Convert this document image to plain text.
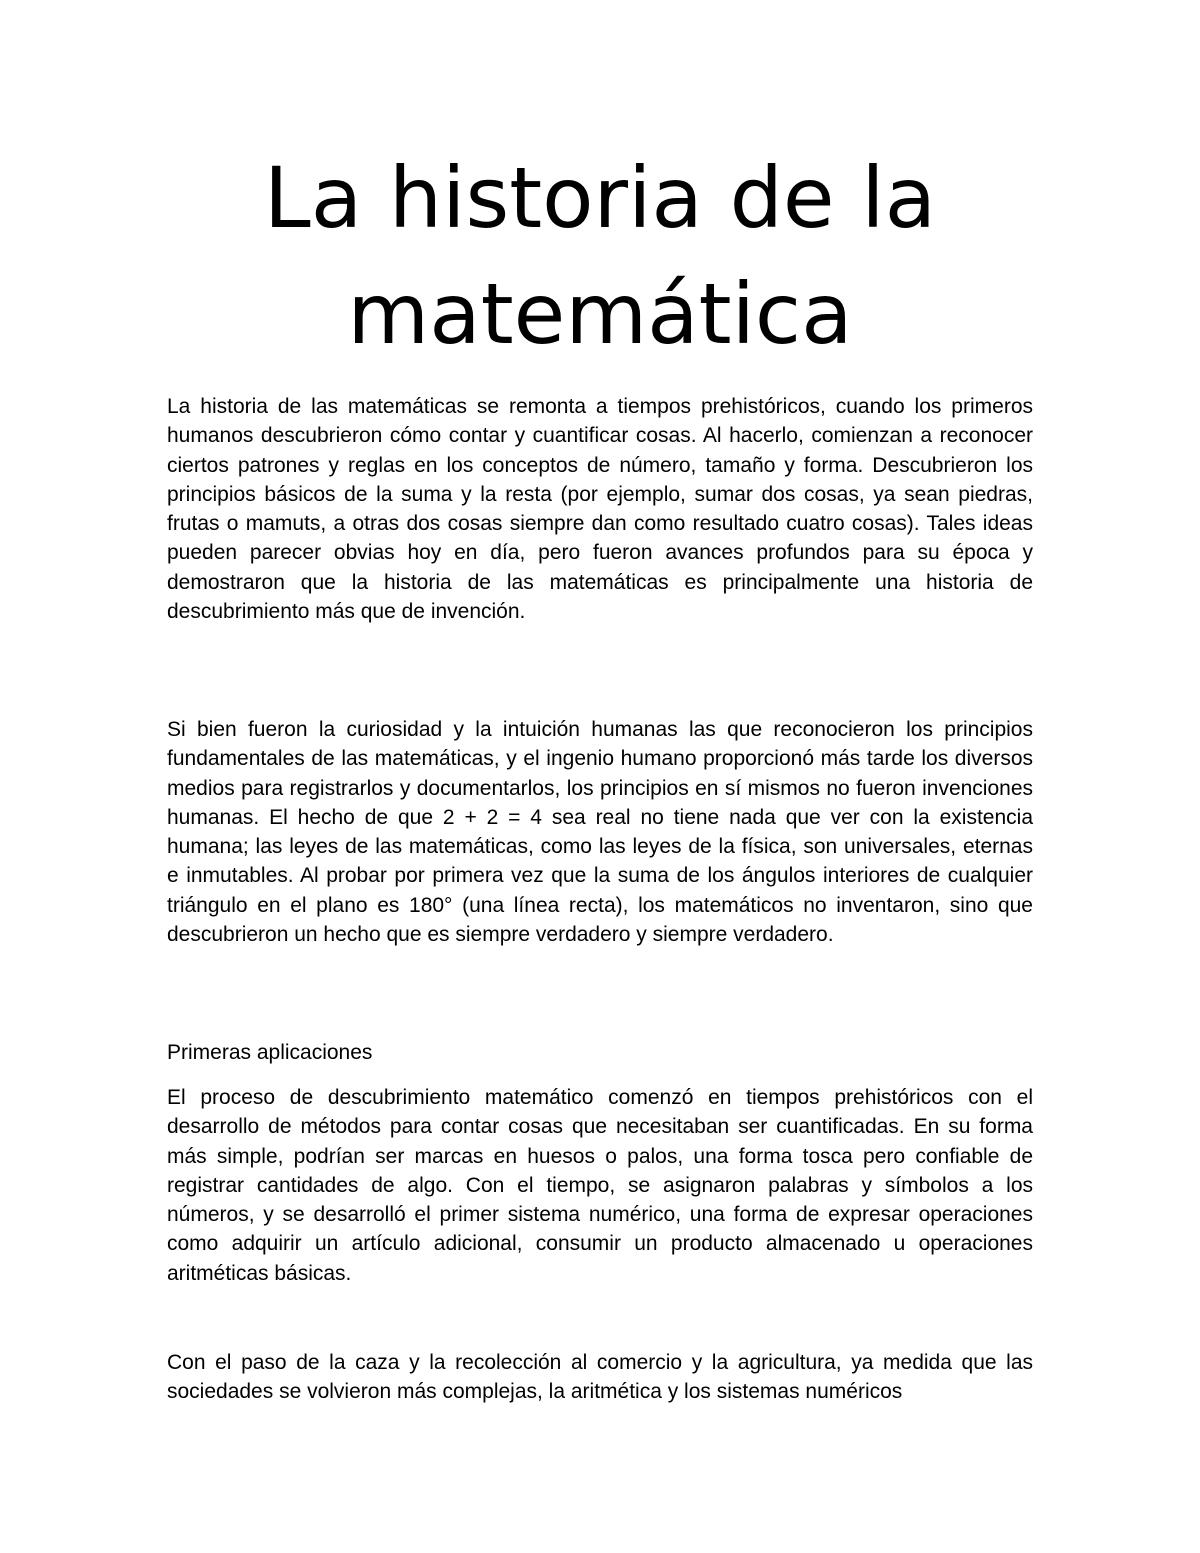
La historia de la
matemática

La historia de las matemáticas se remonta a tiempos prehistóricos, cuando los primeros humanos descubrieron cómo contar y cuantificar cosas. Al hacerlo, comienzan a reconocer ciertos patrones y reglas en los conceptos de número, tamaño y forma. Descubrieron los principios básicos de la suma y la resta (por ejemplo, sumar dos cosas, ya sean piedras, frutas o mamuts, a otras dos cosas siempre dan como resultado cuatro cosas). Tales ideas pueden parecer obvias hoy en día, pero fueron avances profundos para su época y demostraron que la historia de las matemáticas es principalmente una historia de descubrimiento más que de invención.

Si bien fueron la curiosidad y la intuición humanas las que reconocieron los principios fundamentales de las matemáticas, y el ingenio humano proporcionó más tarde los diversos medios para registrarlos y documentarlos, los principios en sí mismos no fueron invenciones humanas. El hecho de que 2 + 2 = 4 sea real no tiene nada que ver con la existencia humana; las leyes de las matemáticas, como las leyes de la física, son universales, eternas e inmutables. Al probar por primera vez que la suma de los ángulos interiores de cualquier triángulo en el plano es 180° (una línea recta), los matemáticos no inventaron, sino que descubrieron un hecho que es siempre verdadero y siempre verdadero.

Primeras aplicaciones

El proceso de descubrimiento matemático comenzó en tiempos prehistóricos con el desarrollo de métodos para contar cosas que necesitaban ser cuantificadas. En su forma más simple, podrían ser marcas en huesos o palos, una forma tosca pero confiable de registrar cantidades de algo. Con el tiempo, se asignaron palabras y símbolos a los números, y se desarrolló el primer sistema numérico, una forma de expresar operaciones como adquirir un artículo adicional, consumir un producto almacenado u operaciones aritméticas básicas.

Con el paso de la caza y la recolección al comercio y la agricultura, ya medida que las sociedades se volvieron más complejas, la aritmética y los sistemas numéricos
